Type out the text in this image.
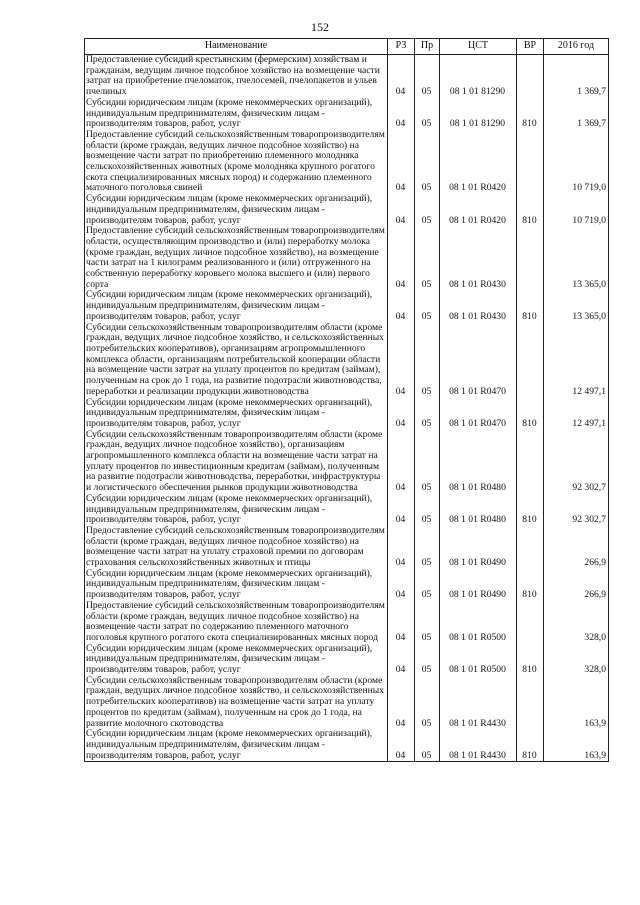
152
Наименование	РЗ	Пр	ЦСТ	ВР	2016 год
Предоставление субсидий крестьянским (фермерским) хозяйствам и гражданам, ведущим личное подсобное хозяйство на возмещение части затрат на приобретение пчеломаток, пчелосемей, пчелопакетов и ульев пчелиных	04	05	08 1 01 81290		1 369,7
Субсидии юридическим лицам (кроме некоммерческих организаций), индивидуальным предпринимателям, физическим лицам - производителям товаров, работ, услуг	04	05	08 1 01 81290	810	1 369,7
Предоставление субсидий сельскохозяйственным товаропроизводителям области (кроме граждан, ведущих личное подсобное хозяйство) на возмещение части затрат по приобретению племенного молодняка сельскохозяйственных животных (кроме молодняка крупного рогатого скота специализированных мясных пород) и содержанию племенного маточного поголовья свиней	04	05	08 1 01 R0420		10 719,0
Субсидии юридическим лицам (кроме некоммерческих организаций), индивидуальным предпринимателям, физическим лицам - производителям товаров, работ, услуг	04	05	08 1 01 R0420	810	10 719,0
Предоставление субсидий сельскохозяйственным товаропроизводителям области, осуществляющим производство и (или) переработку молока (кроме граждан, ведущих личное подсобное хозяйство), на возмещение части затрат на 1 килограмм реализованного и (или) отгруженного на собственную переработку коровьего молока высшего и (или) первого сорта	04	05	08 1 01 R0430		13 365,0
Субсидии юридическим лицам (кроме некоммерческих организаций), индивидуальным предпринимателям, физическим лицам - производителям товаров, работ, услуг	04	05	08 1 01 R0430	810	13 365,0
Субсидии сельскохозяйственным товаропроизводителям области (кроме граждан, ведущих личное подсобное хозяйство, и сельскохозяйственных потребительских кооперативов), организациям агропромышленного комплекса области, организациям потребительской кооперации области на возмещение части затрат на уплату процентов по кредитам (займам), полученным на срок до 1 года, на развитие подотрасли животноводства, переработки и реализации продукции животноводства	04	05	08 1 01 R0470		12 497,1
Субсидии юридическим лицам (кроме некоммерческих организаций), индивидуальным предпринимателям, физическим лицам - производителям товаров, работ, услуг	04	05	08 1 01 R0470	810	12 497,1
Субсидии сельскохозяйственным товаропроизводителям области (кроме граждан, ведущих личное подсобное хозяйство), организациям агропромышленного комплекса области на возмещение части затрат на уплату процентов по инвестиционным кредитам (займам), полученным на развитие подотрасли животноводства, переработки, инфраструктуры и логистического обеспечения рынков продукции животноводства	04	05	08 1 01 R0480		92 302,7
Субсидии юридическим лицам (кроме некоммерческих организаций), индивидуальным предпринимателям, физическим лицам - производителям товаров, работ, услуг	04	05	08 1 01 R0480	810	92 302,7
Предоставление субсидий сельскохозяйственным товаропроизводителям области (кроме граждан, ведущих личное подсобное хозяйство) на возмещение части затрат на уплату страховой премии по договорам страхования сельскохозяйственных животных и птицы	04	05	08 1 01 R0490		266,9
Субсидии юридическим лицам (кроме некоммерческих организаций), индивидуальным предпринимателям, физическим лицам - производителям товаров, работ, услуг	04	05	08 1 01 R0490	810	266,9
Предоставление субсидий сельскохозяйственным товаропроизводителям области (кроме граждан, ведущих личное подсобное хозяйство) на возмещение части затрат по содержанию племенного маточного поголовья крупного рогатого скота специализированных мясных пород	04	05	08 1 01 R0500		328,0
Субсидии юридическим лицам (кроме некоммерческих организаций), индивидуальным предпринимателям, физическим лицам - производителям товаров, работ, услуг	04	05	08 1 01 R0500	810	328,0
Субсидии сельскохозяйственным товаропроизводителям области (кроме граждан, ведущих личное подсобное хозяйство, и сельскохозяйственных потребительских кооперативов) на возмещение части затрат на уплату процентов по кредитам (займам), полученным на срок до 1 года, на развитие молочного скотоводства	04	05	08 1 01 R4430		163,9
Субсидии юридическим лицам (кроме некоммерческих организаций), индивидуальным предпринимателям, физическим лицам - производителям товаров, работ, услуг	04	05	08 1 01 R4430	810	163,9
